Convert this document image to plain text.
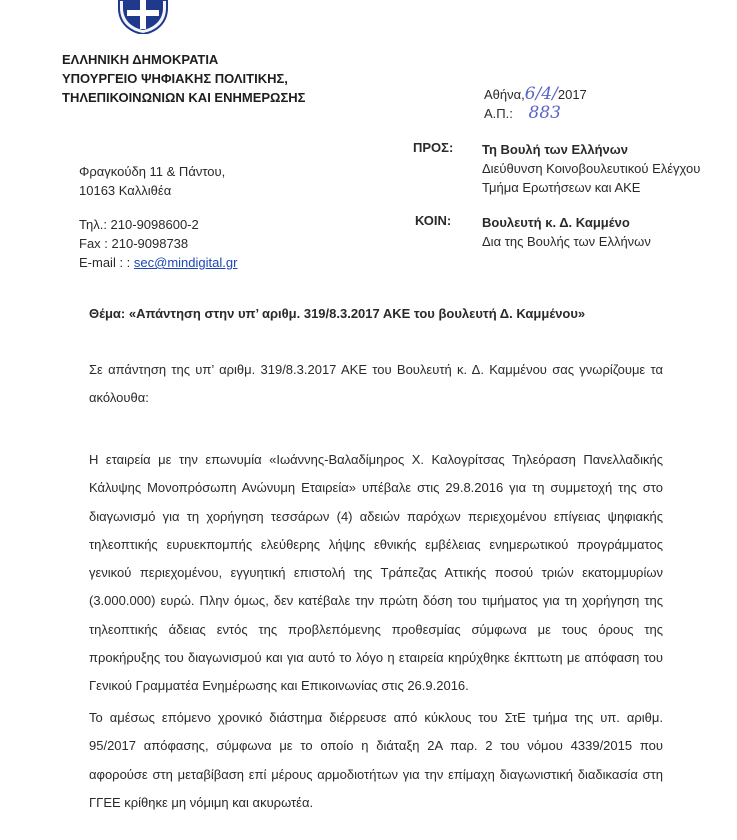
ΕΛΛΗΝΙΚΗ ΔΗΜΟΚΡΑΤΙΑ
ΥΠΟΥΡΓΕΙΟ ΨΗΦΙΑΚΗΣ ΠΟΛΙΤΙΚΗΣ,
ΤΗΛΕΠΙΚΟΙΝΩΝΙΩΝ ΚΑΙ ΕΝΗΜΕΡΩΣΗΣ	Αθήνα,6/4/2017
Α.Π.: 883
ΠΡΟΣ: Τη Βουλή των Ελλήνων
Διεύθυνση Κοινοβουλευτικού Ελέγχου
Τμήμα Ερωτήσεων και ΑΚΕ
Φραγκούδη 11 & Πάντου,
10163 Καλλιθέα
ΚΟΙΝ: Βουλευτή κ. Δ. Καμμένο
Δια της Βουλής των Ελλήνων
Τηλ.: 210-9098600-2
Fax : 210-9098738
E-mail : : sec@mindigital.gr
Θέμα: «Απάντηση στην υπ’ αριθμ. 319/8.3.2017 ΑΚΕ του βουλευτή Δ. Καμμένου»
Σε απάντηση της υπ’ αριθμ. 319/8.3.2017 ΑΚΕ του Βουλευτή κ. Δ. Καμμένου σας γνωρίζουμε τα ακόλουθα:
Η εταιρεία με την επωνυμία «Ιωάννης-Βαλαδίμηρος Χ. Καλογρίτσας Τηλεόραση Πανελλαδικής Κάλυψης Μονοπρόσωπη Ανώνυμη Εταιρεία» υπέβαλε στις 29.8.2016 για τη συμμετοχή της στο διαγωνισμό για τη χορήγηση τεσσάρων (4) αδειών παρόχων περιεχομένου επίγειας ψηφιακής τηλεοπτικής ευρυεκπομπής ελεύθερης λήψης εθνικής εμβέλειας ενημερωτικού προγράμματος γενικού περιεχομένου, εγγυητική επιστολή της Τράπεζας Αττικής ποσού τριών εκατομμυρίων (3.000.000) ευρώ. Πλην όμως, δεν κατέβαλε την πρώτη δόση του τιμήματος για τη χορήγηση της τηλεοπτικής άδειας εντός της προβλεπόμενης προθεσμίας σύμφωνα με τους όρους της προκήρυξης του διαγωνισμού και για αυτό το λόγο η εταιρεία κηρύχθηκε έκπτωτη με απόφαση του Γενικού Γραμματέα Ενημέρωσης και Επικοινωνίας στις 26.9.2016.
Το αμέσως επόμενο χρονικό διάστημα διέρρευσε από κύκλους του ΣτΕ τμήμα της υπ. αριθμ. 95/2017 απόφασης, σύμφωνα με το οποίο η διάταξη 2Α παρ. 2 του νόμου 4339/2015 που αφορούσε στη μεταβίβαση επί μέρους αρμοδιοτήτων για την επίμαχη διαγωνιστική διαδικασία στη ΓΓΕΕ κρίθηκε μη νόμιμη και ακυρωτέα.
